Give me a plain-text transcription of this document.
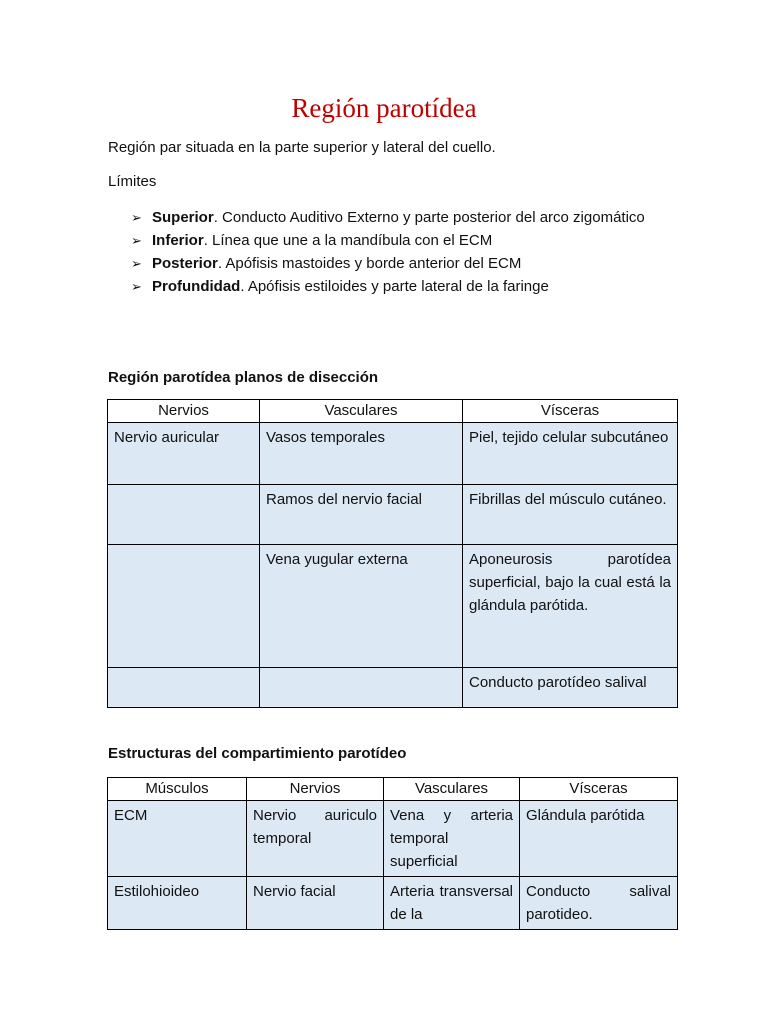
Región parotídea

Región par situada en la parte superior y lateral del cuello.

Límites

➢ Superior. Conducto Auditivo Externo y parte posterior del arco zigomático
➢ Inferior. Línea que une a la mandíbula con el ECM
➢ Posterior. Apófisis mastoides y borde anterior del ECM
➢ Profundidad. Apófisis estiloides y parte lateral de la faringe

Región parotídea planos de disección

Nervios	Vasculares	Vísceras
Nervio auricular	Vasos temporales	Piel, tejido celular subcutáneo
	Ramos del nervio facial	Fibrillas del músculo cutáneo.
	Vena yugular externa	Aponeurosis parotídea superficial, bajo la cual está la glándula parótida.
		Conducto parotídeo salival

Estructuras del compartimiento parotídeo

Músculos	Nervios	Vasculares	Vísceras
ECM	Nervio auriculo temporal	Vena y arteria temporal superficial	Glándula parótida
Estilohioideo	Nervio facial	Arteria transversal de la	Conducto salival parotideo.
